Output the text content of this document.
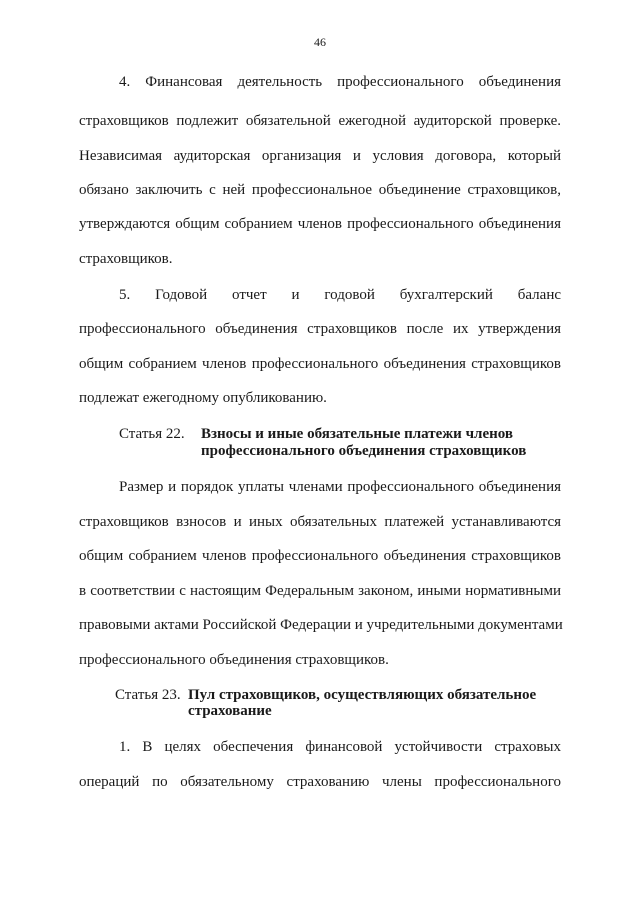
46
4. Финансовая деятельность профессионального объединения
страховщиков подлежит обязательной ежегодной аудиторской проверке.
Независимая аудиторская организация и условия договора, который
обязано заключить с ней профессиональное объединение страховщиков,
утверждаются общим собранием членов профессионального объединения
страховщиков.
5. Годовой отчет и годовой бухгалтерский баланс
профессионального объединения страховщиков после их утверждения
общим собранием членов профессионального объединения страховщиков
подлежат ежегодному опубликованию.
Статья 22. Взносы и иные обязательные платежи членов
профессионального объединения страховщиков
Размер и порядок уплаты членами профессионального объединения
страховщиков взносов и иных обязательных платежей устанавливаются
общим собранием членов профессионального объединения страховщиков
в соответствии с настоящим Федеральным законом, иными нормативными
правовыми актами Российской Федерации и учредительными документами
профессионального объединения страховщиков.
Статья 23. Пул страховщиков, осуществляющих обязательное
страхование
1. В целях обеспечения финансовой устойчивости страховых
операций по обязательному страхованию члены профессионального
